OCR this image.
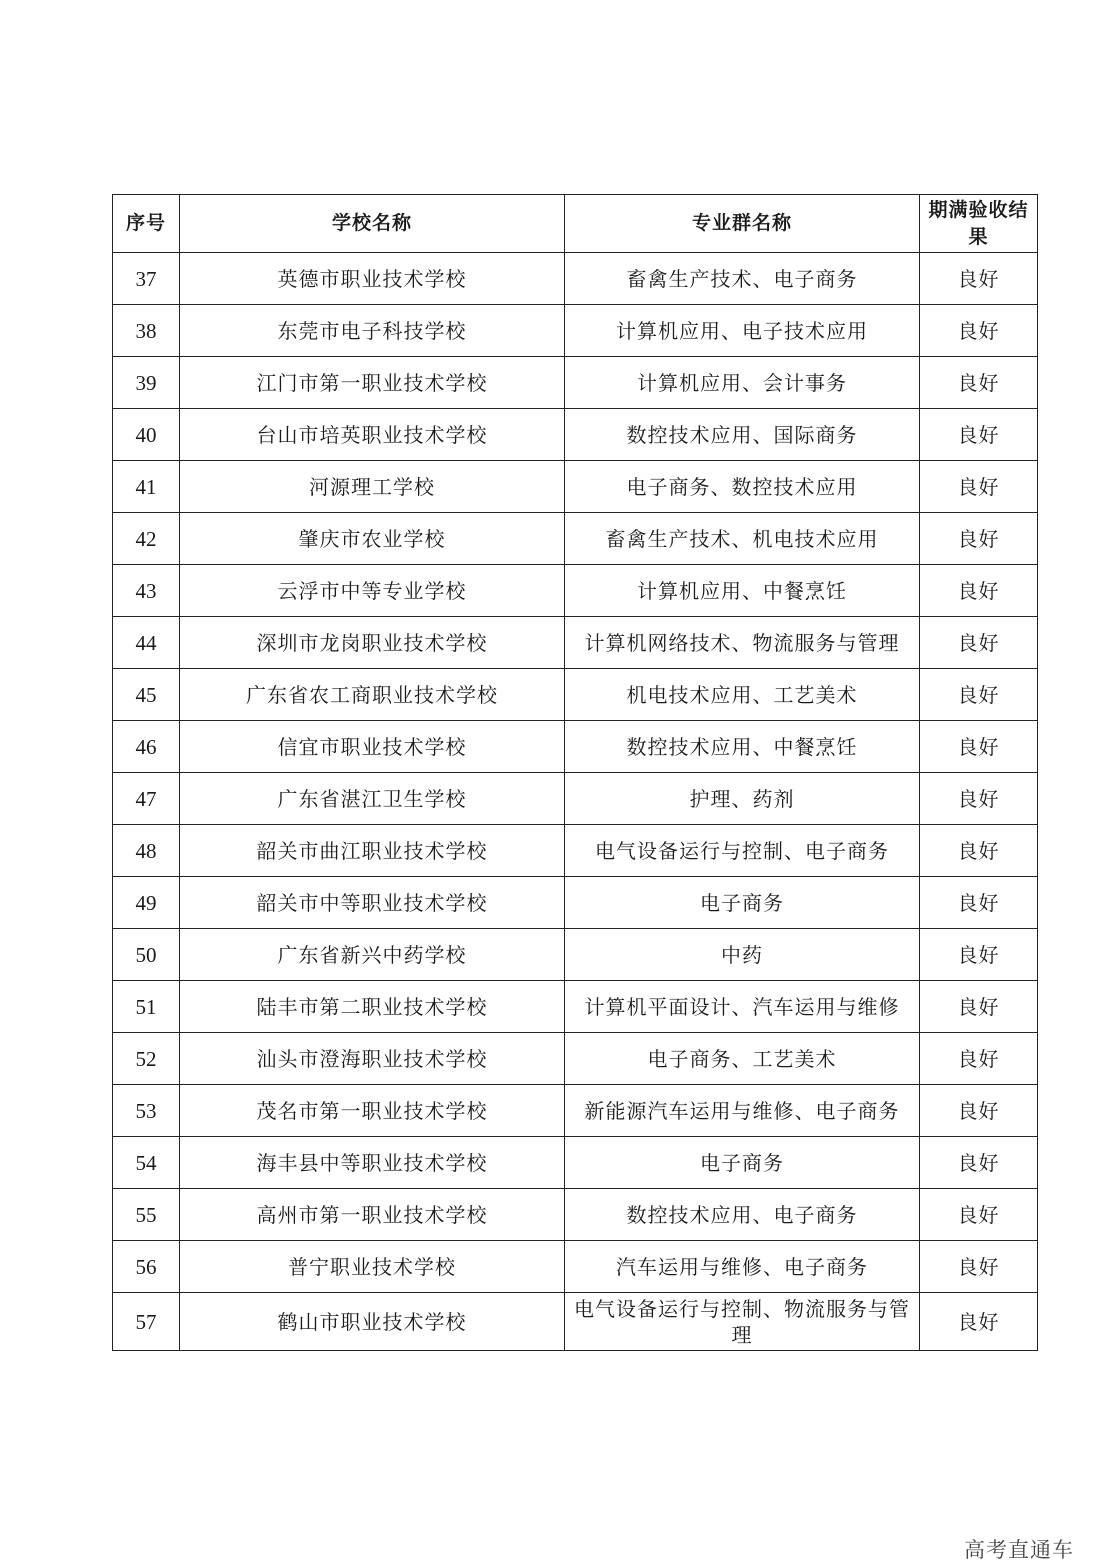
序号	学校名称	专业群名称	期满验收结果
37	英德市职业技术学校	畜禽生产技术、电子商务	良好
38	东莞市电子科技学校	计算机应用、电子技术应用	良好
39	江门市第一职业技术学校	计算机应用、会计事务	良好
40	台山市培英职业技术学校	数控技术应用、国际商务	良好
41	河源理工学校	电子商务、数控技术应用	良好
42	肇庆市农业学校	畜禽生产技术、机电技术应用	良好
43	云浮市中等专业学校	计算机应用、中餐烹饪	良好
44	深圳市龙岗职业技术学校	计算机网络技术、物流服务与管理	良好
45	广东省农工商职业技术学校	机电技术应用、工艺美术	良好
46	信宜市职业技术学校	数控技术应用、中餐烹饪	良好
47	广东省湛江卫生学校	护理、药剂	良好
48	韶关市曲江职业技术学校	电气设备运行与控制、电子商务	良好
49	韶关市中等职业技术学校	电子商务	良好
50	广东省新兴中药学校	中药	良好
51	陆丰市第二职业技术学校	计算机平面设计、汽车运用与维修	良好
52	汕头市澄海职业技术学校	电子商务、工艺美术	良好
53	茂名市第一职业技术学校	新能源汽车运用与维修、电子商务	良好
54	海丰县中等职业技术学校	电子商务	良好
55	高州市第一职业技术学校	数控技术应用、电子商务	良好
56	普宁职业技术学校	汽车运用与维修、电子商务	良好
57	鹤山市职业技术学校	电气设备运行与控制、物流服务与管理	良好
高考直通车
